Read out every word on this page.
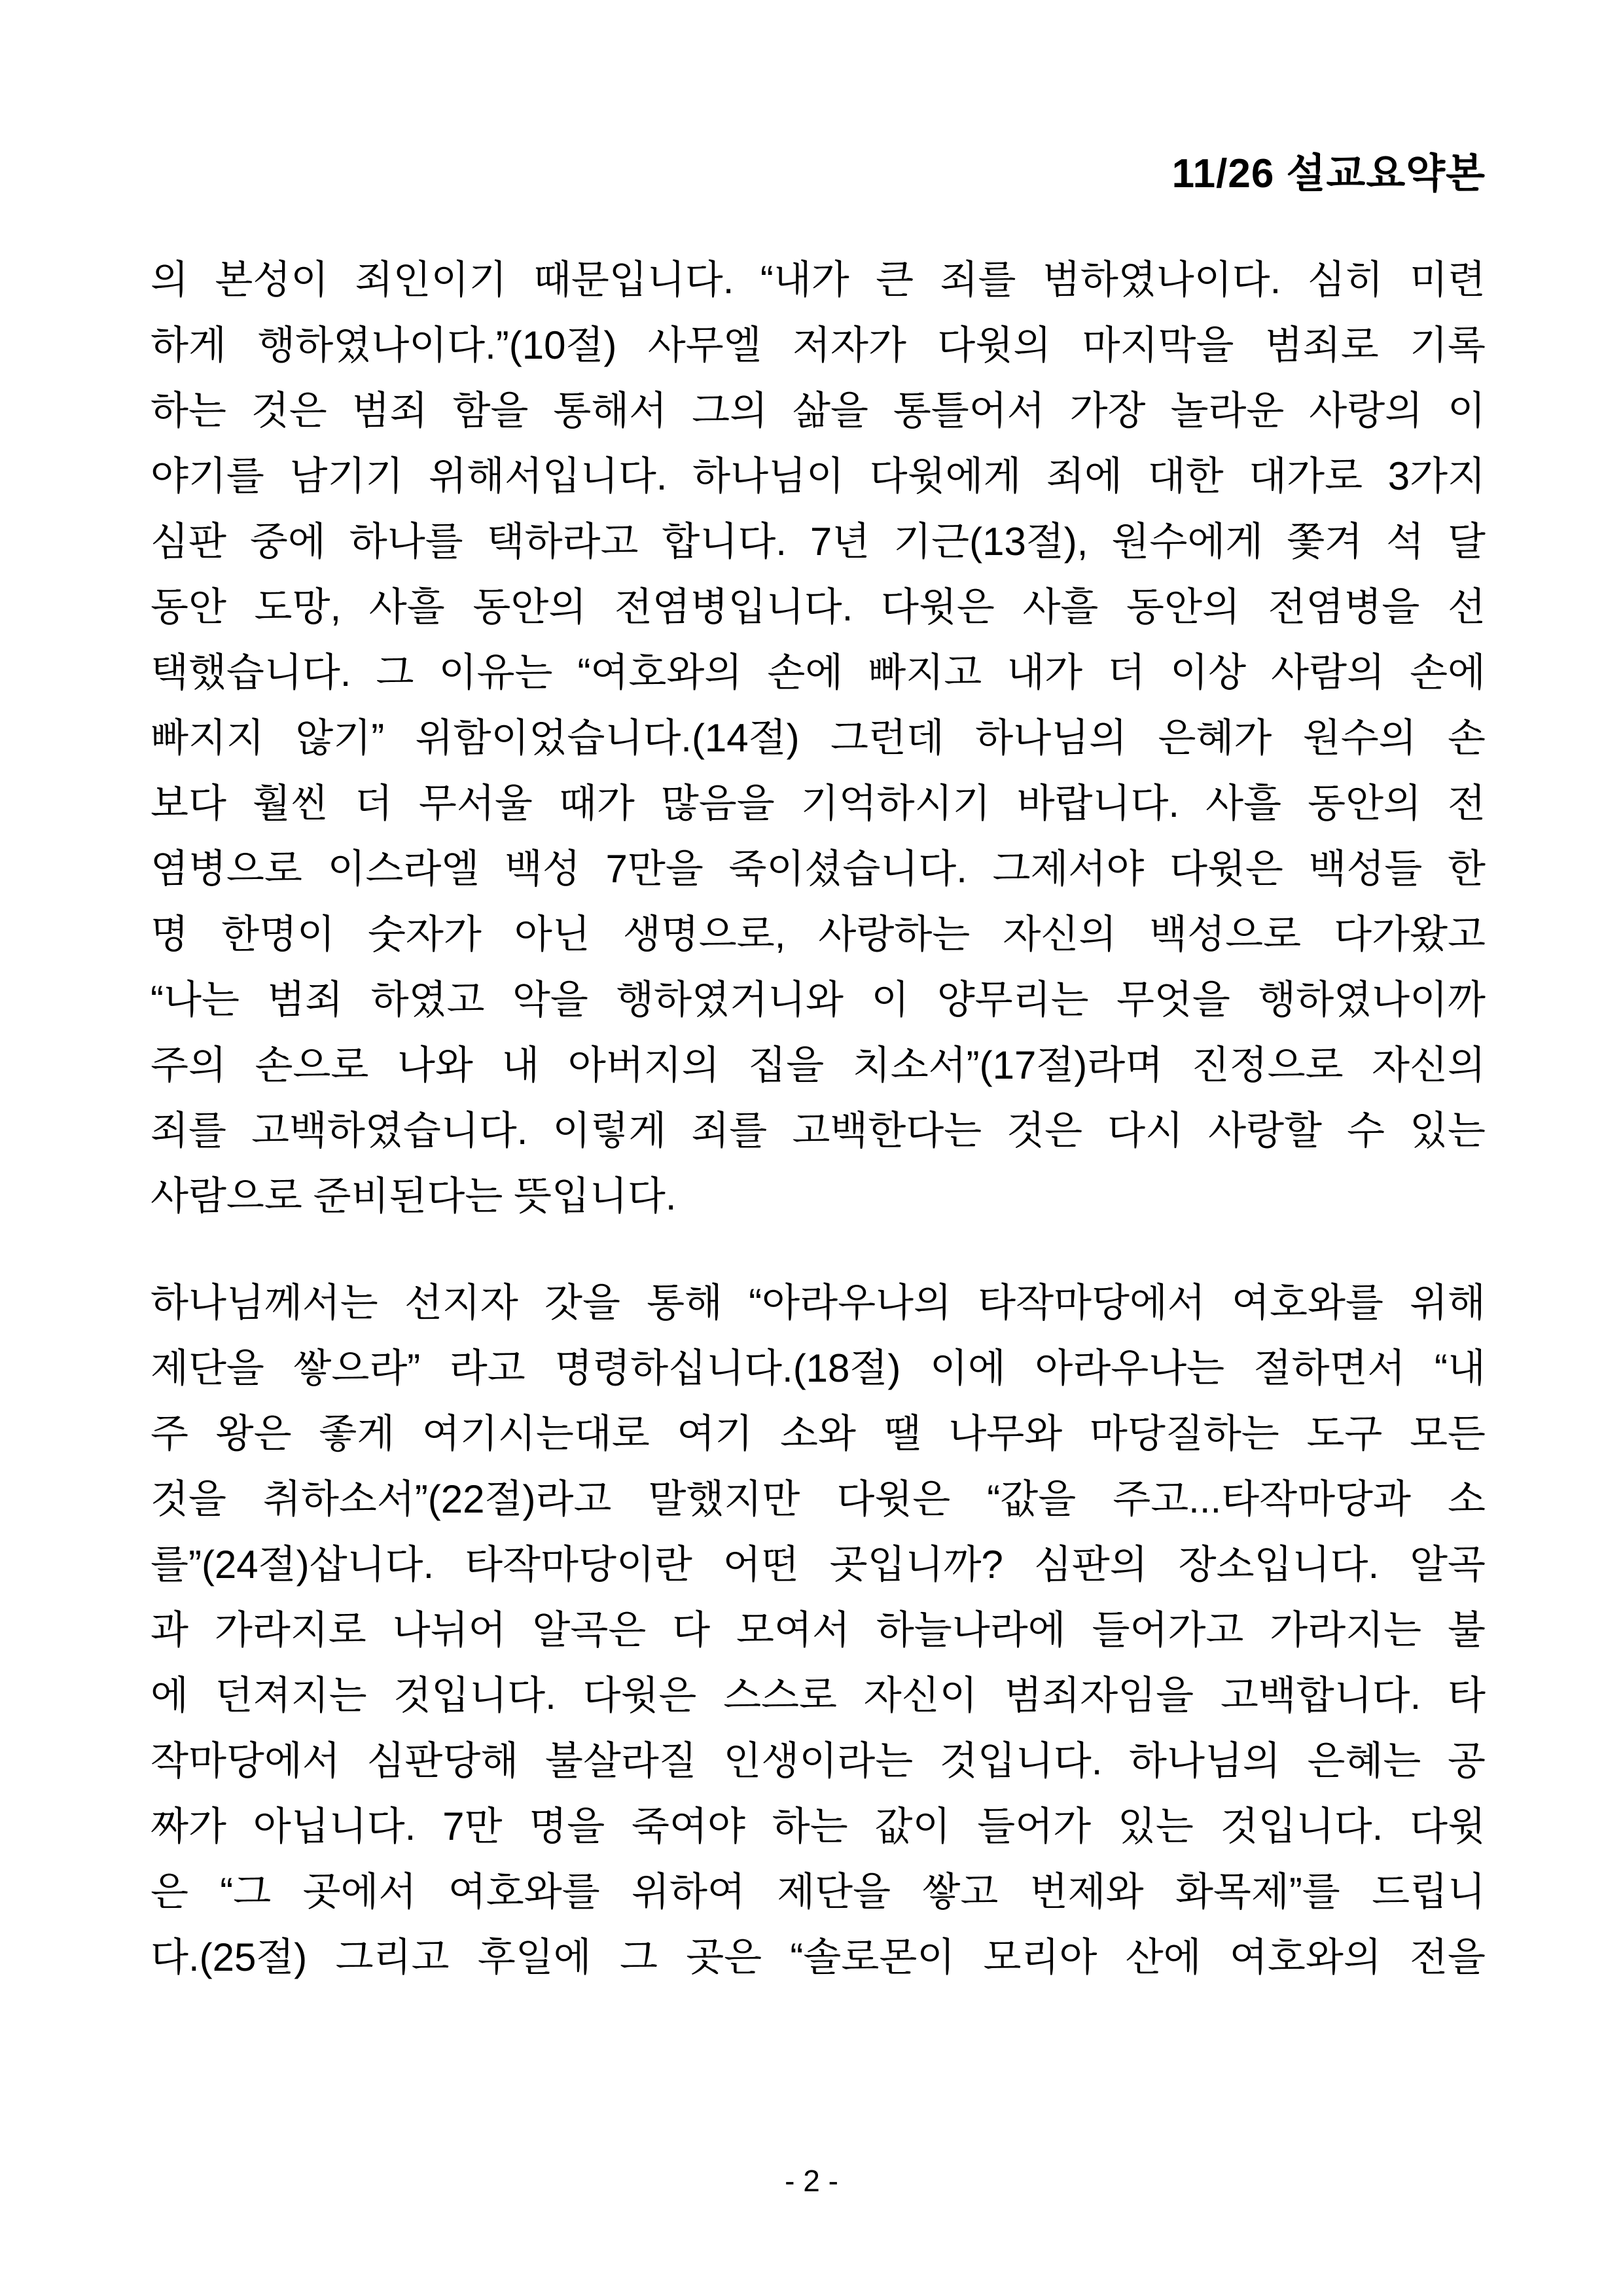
11/26 설교요약본
의 본성이 죄인이기 때문입니다. “내가 큰 죄를 범하였나이다. 심히 미련
하게 행하였나이다.”(10절) 사무엘 저자가 다윗의 마지막을 범죄로 기록
하는 것은 범죄 함을 통해서 그의 삶을 통틀어서 가장 놀라운 사랑의 이
야기를 남기기 위해서입니다. 하나님이 다윗에게 죄에 대한 대가로 3가지
심판 중에 하나를 택하라고 합니다. 7년 기근(13절), 원수에게 쫓겨 석 달
동안 도망, 사흘 동안의 전염병입니다. 다윗은 사흘 동안의 전염병을 선
택했습니다. 그 이유는 “여호와의 손에 빠지고 내가 더 이상 사람의 손에
빠지지 않기” 위함이었습니다.(14절) 그런데 하나님의 은혜가 원수의 손
보다 훨씬 더 무서울 때가 많음을 기억하시기 바랍니다. 사흘 동안의 전
염병으로 이스라엘 백성 7만을 죽이셨습니다. 그제서야 다윗은 백성들 한
명 한명이 숫자가 아닌 생명으로, 사랑하는 자신의 백성으로 다가왔고
“나는 범죄 하였고 악을 행하였거니와 이 양무리는 무엇을 행하였나이까
주의 손으로 나와 내 아버지의 집을 치소서”(17절)라며 진정으로 자신의
죄를 고백하였습니다. 이렇게 죄를 고백한다는 것은 다시 사랑할 수 있는
사람으로 준비된다는 뜻입니다.
하나님께서는 선지자 갓을 통해 “아라우나의 타작마당에서 여호와를 위해
제단을 쌓으라” 라고 명령하십니다.(18절) 이에 아라우나는 절하면서 “내
주 왕은 좋게 여기시는대로 여기 소와 땔 나무와 마당질하는 도구 모든
것을 취하소서”(22절)라고 말했지만 다윗은 “값을 주고...타작마당과 소
를”(24절)삽니다. 타작마당이란 어떤 곳입니까? 심판의 장소입니다. 알곡
과 가라지로 나뉘어 알곡은 다 모여서 하늘나라에 들어가고 가라지는 불
에 던져지는 것입니다. 다윗은 스스로 자신이 범죄자임을 고백합니다. 타
작마당에서 심판당해 불살라질 인생이라는 것입니다. 하나님의 은혜는 공
짜가 아닙니다. 7만 명을 죽여야 하는 값이 들어가 있는 것입니다. 다윗
은 “그 곳에서 여호와를 위하여 제단을 쌓고 번제와 화목제”를 드립니
다.(25절) 그리고 후일에 그 곳은 “솔로몬이 모리아 산에 여호와의 전을
- 2 -
